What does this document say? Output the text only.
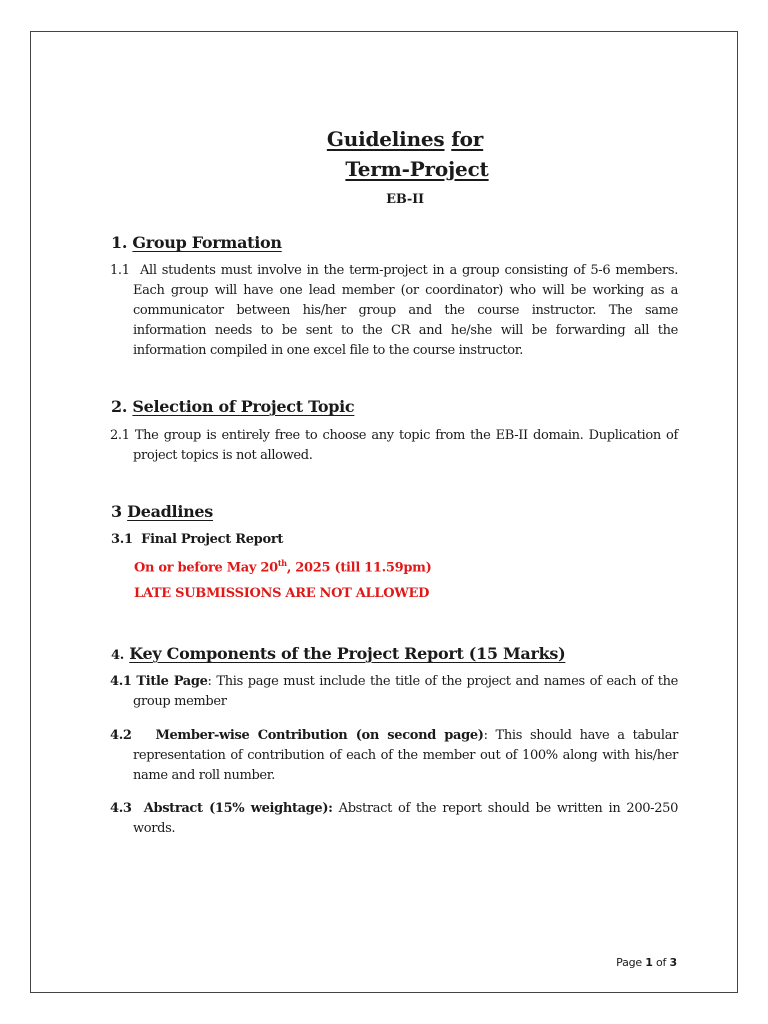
Guidelines for
Term-Project
EB-II
1. Group Formation
1.1 All students must involve in the term-project in a group consisting of 5-6 members.
Each group will have one lead member (or coordinator) who will be working as a
communicator between his/her group and the course instructor. The same
information needs to be sent to the CR and he/she will be forwarding all the
information compiled in one excel file to the course instructor.
2. Selection of Project Topic
2.1 The group is entirely free to choose any topic from the EB-II domain. Duplication of
project topics is not allowed.
3 Deadlines
3.1 Final Project Report
On or before May 20th, 2025 (till 11.59pm)
LATE SUBMISSIONS ARE NOT ALLOWED
4. Key Components of the Project Report (15 Marks)
4.1 Title Page: This page must include the title of the project and names of each of the
group member
4.2 Member-wise Contribution (on second page): This should have a tabular
representation of contribution of each of the member out of 100% along with his/her
name and roll number.
4.3 Abstract (15% weightage): Abstract of the report should be written in 200-250
words.
Page 1 of 3
